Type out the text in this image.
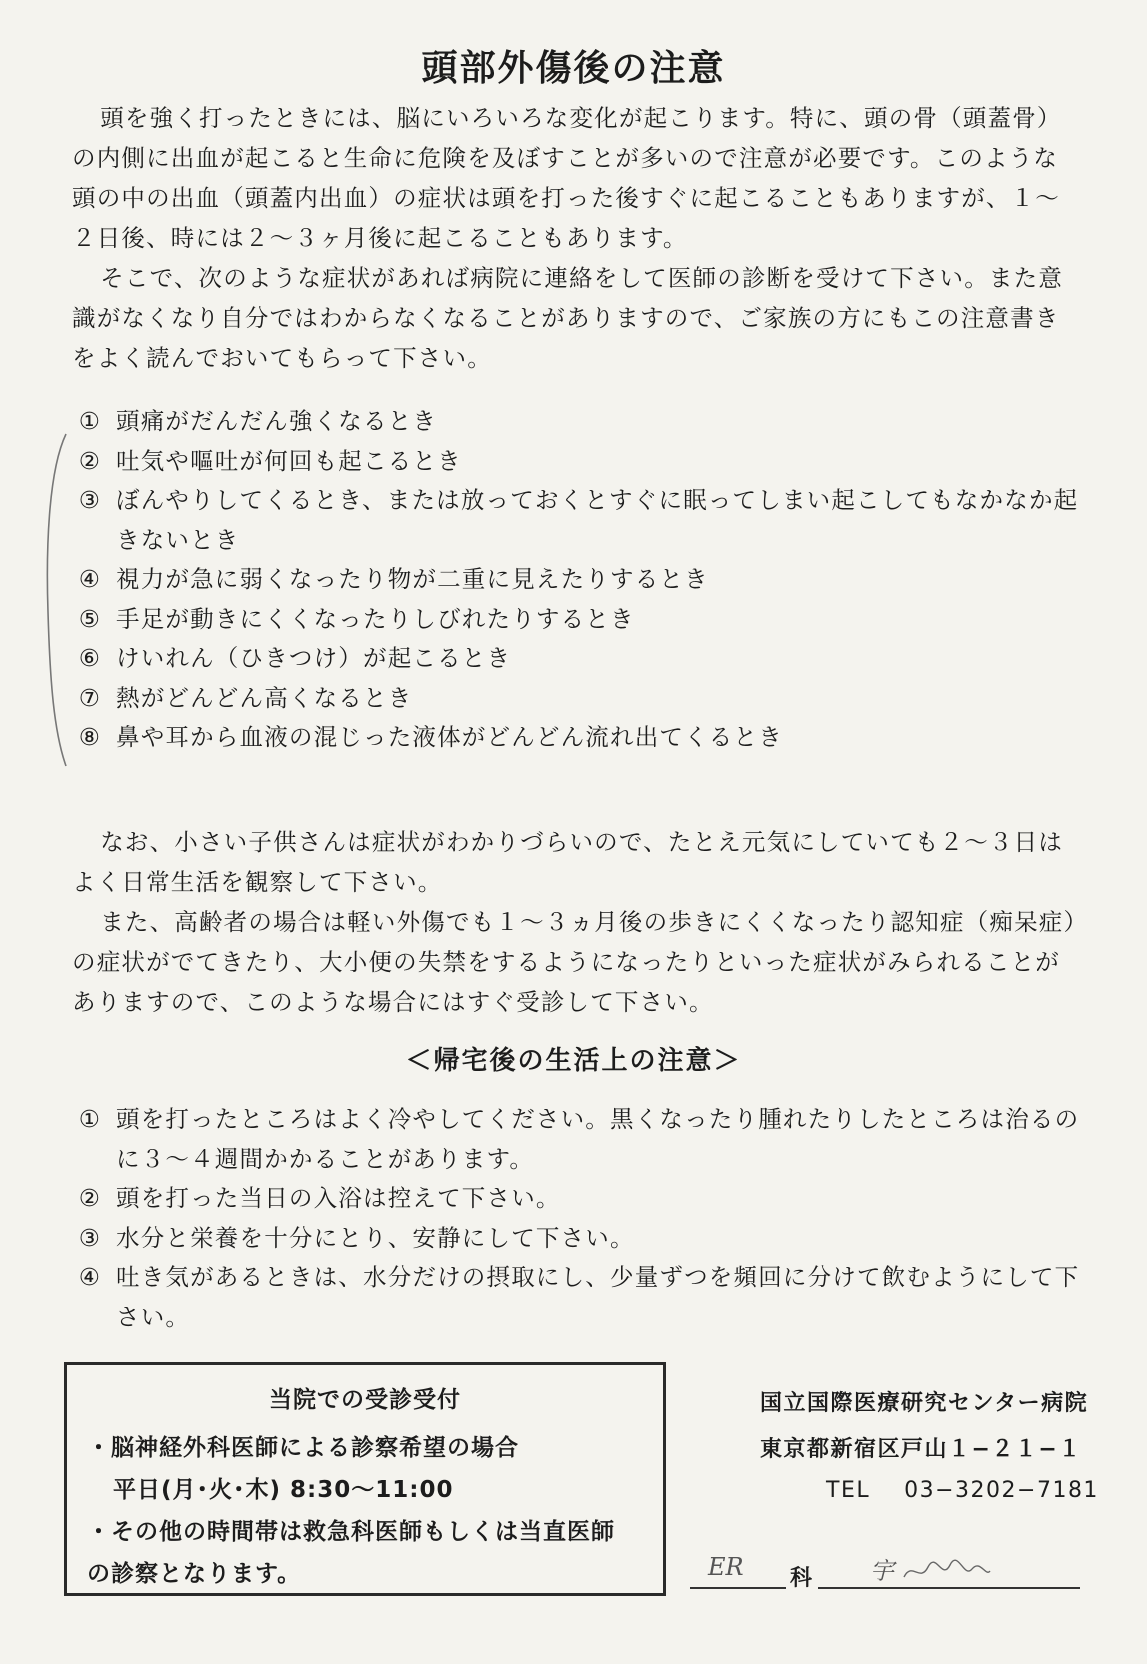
頭部外傷後の注意

頭を強く打ったときには、脳にいろいろな変化が起こります。特に、頭の骨（頭蓋骨）の内側に出血が起こると生命に危険を及ぼすことが多いので注意が必要です。このような頭の中の出血（頭蓋内出血）の症状は頭を打った後すぐに起こることもありますが、１～２日後、時には２～３ヶ月後に起こることもあります。

そこで、次のような症状があれば病院に連絡をして医師の診断を受けて下さい。また意識がなくなり自分ではわからなくなることがありますので、ご家族の方にもこの注意書きをよく読んでおいてもらって下さい。

① 頭痛がだんだん強くなるとき
② 吐気や嘔吐が何回も起こるとき
③ ぼんやりしてくるとき、または放っておくとすぐに眠ってしまい起こしてもなかなか起きないとき
④ 視力が急に弱くなったり物が二重に見えたりするとき
⑤ 手足が動きにくくなったりしびれたりするとき
⑥ けいれん（ひきつけ）が起こるとき
⑦ 熱がどんどん高くなるとき
⑧ 鼻や耳から血液の混じった液体がどんどん流れ出てくるとき

なお、小さい子供さんは症状がわかりづらいので、たとえ元気にしていても２～３日はよく日常生活を観察して下さい。

また、高齢者の場合は軽い外傷でも１～３ヵ月後の歩きにくくなったり認知症（痴呆症）の症状がでてきたり、大小便の失禁をするようになったりといった症状がみられることがありますので、このような場合にはすぐ受診して下さい。

＜帰宅後の生活上の注意＞
① 頭を打ったところはよく冷やしてください。黒くなったり腫れたりしたところは治るのに３～４週間かかることがあります。
② 頭を打った当日の入浴は控えて下さい。
③ 水分と栄養を十分にとり、安静にして下さい。
④ 吐き気があるときは、水分だけの摂取にし、少量ずつを頻回に分けて飲むようにして下さい。
当院での受診受付
・脳神経外科医師による診察希望の場合
平日(月･火･木) 8:30～11:00
・その他の時間帯は救急科医師もしくは当直医師
の診察となります。
国立国際医療研究センター病院
東京都新宿区戸山１−２１−１
TEL 03−3202−7181
ER 科 宇
